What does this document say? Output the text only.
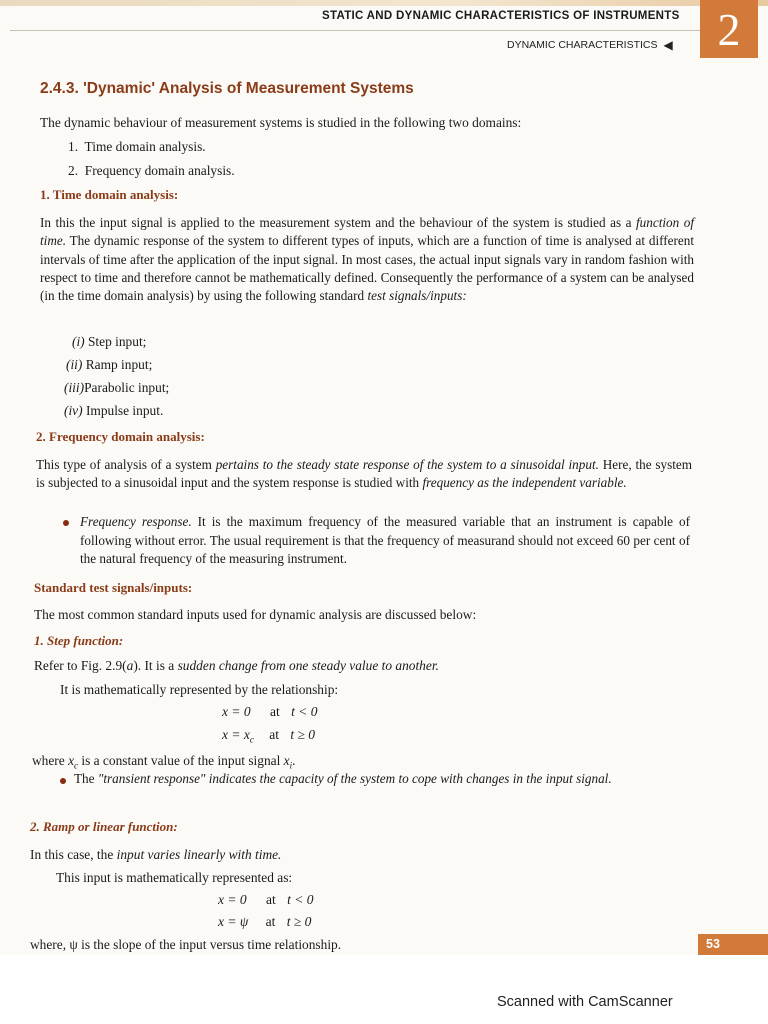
STATIC AND DYNAMIC CHARACTERISTICS OF INSTRUMENTS
DYNAMIC CHARACTERISTICS ◀ 2
2.4.3. 'Dynamic' Analysis of Measurement Systems
The dynamic behaviour of measurement systems is studied in the following two domains:
1. Time domain analysis.
2. Frequency domain analysis.
1. Time domain analysis:
In this the input signal is applied to the measurement system and the behaviour of the system is studied as a function of time. The dynamic response of the system to different types of inputs, which are a function of time is analysed at different intervals of time after the application of the input signal. In most cases, the actual input signals vary in random fashion with respect to time and therefore cannot be mathematically defined. Consequently the performance of a system can be analysed (in the time domain analysis) by using the following standard test signals/inputs:
(i) Step input;
(ii) Ramp input;
(iii)Parabolic input;
(iv) Impulse input.
2. Frequency domain analysis:
This type of analysis of a system pertains to the steady state response of the system to a sinusoidal input. Here, the system is subjected to a sinusoidal input and the system response is studied with frequency as the independent variable.
Frequency response. It is the maximum frequency of the measured variable that an instrument is capable of following without error. The usual requirement is that the frequency of measurand should not exceed 60 per cent of the natural frequency of the measuring instrument.
Standard test signals/inputs:
The most common standard inputs used for dynamic analysis are discussed below:
1. Step function:
Refer to Fig. 2.9(a). It is a sudden change from one steady value to another.
It is mathematically represented by the relationship:
x = 0 at t < 0
$x = x_c$ at t ≥ 0
where $x_c$ is a constant value of the input signal $x_i$.
The "transient response" indicates the capacity of the system to cope with changes in the input signal.
2. Ramp or linear function:
In this case, the input varies linearly with time.
This input is mathematically represented as:
x = 0 at t < 0
x = ψ at t ≥ 0
where, ψ is the slope of the input versus time relationship.	53
Scanned with CamScanner
